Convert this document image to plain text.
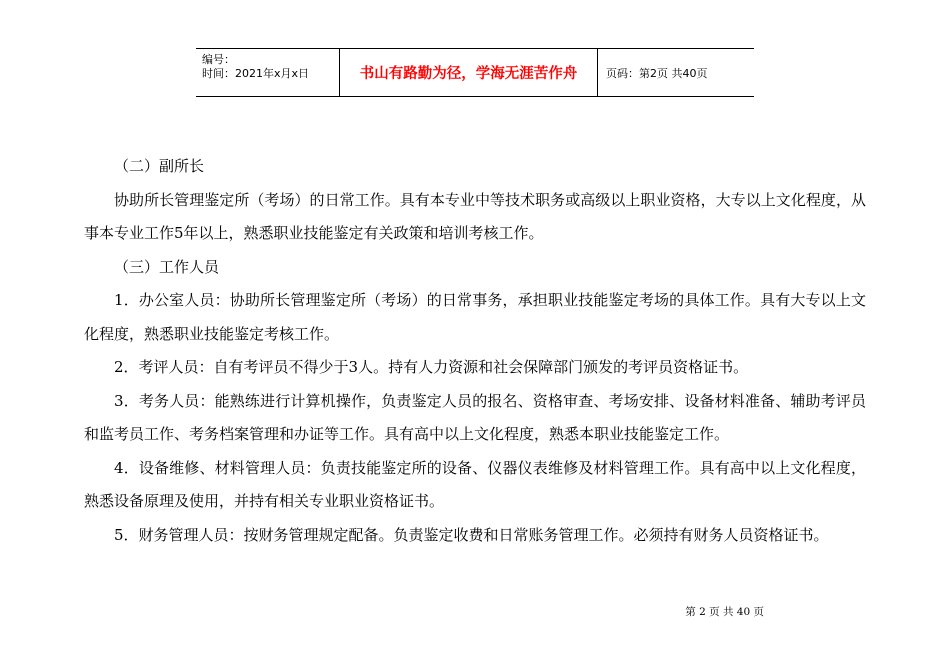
编号：
时间：2021年x月x日	书山有路勤为径，学海无涯苦作舟	页码：第2页 共40页

（二）副所长

协助所长管理鉴定所（考场）的日常工作。具有本专业中等技术职务或高级以上职业资格，大专以上文化程度，从事本专业工作5年以上，熟悉职业技能鉴定有关政策和培训考核工作。

（三）工作人员

1．办公室人员：协助所长管理鉴定所（考场）的日常事务，承担职业技能鉴定考场的具体工作。具有大专以上文化程度，熟悉职业技能鉴定考核工作。

2．考评人员：自有考评员不得少于3人。持有人力资源和社会保障部门颁发的考评员资格证书。

3．考务人员：能熟练进行计算机操作，负责鉴定人员的报名、资格审查、考场安排、设备材料准备、辅助考评员和监考员工作、考务档案管理和办证等工作。具有高中以上文化程度，熟悉本职业技能鉴定工作。

4．设备维修、材料管理人员：负责技能鉴定所的设备、仪器仪表维修及材料管理工作。具有高中以上文化程度，熟悉设备原理及使用，并持有相关专业职业资格证书。

5．财务管理人员：按财务管理规定配备。负责鉴定收费和日常账务管理工作。必须持有财务人员资格证书。

第 2 页 共 40 页
